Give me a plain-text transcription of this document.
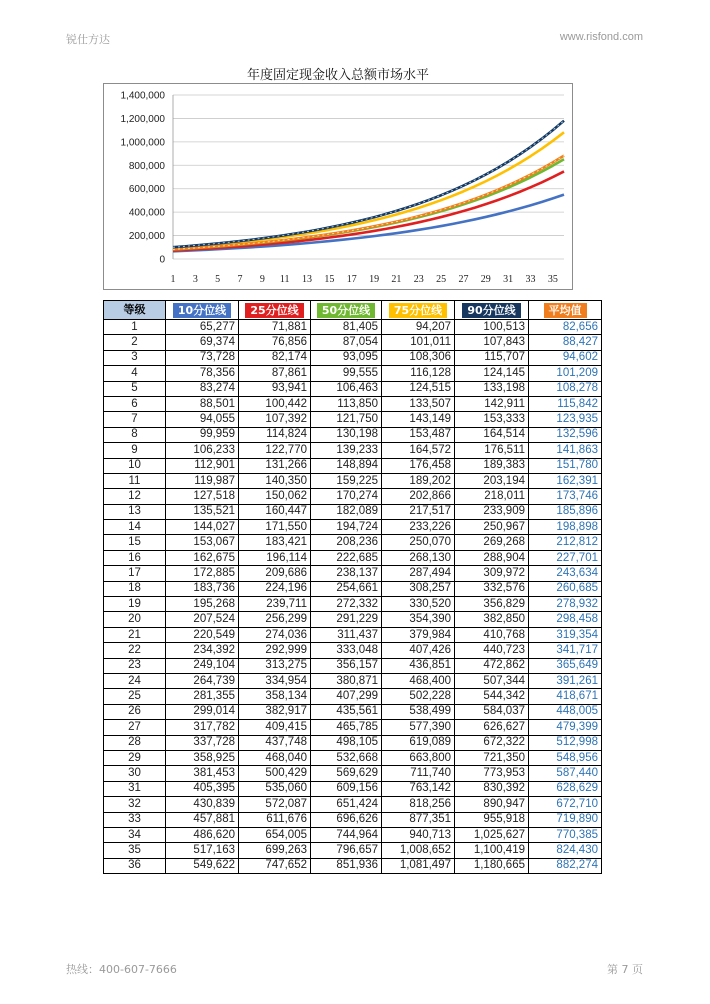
锐仕方达	www.risfond.com
年度固定现金收入总额市场水平
1,400,000
1,200,000
1,000,000
800,000
600,000
400,000
200,000
0
1 3 5 7 9 11 13 15 17 19 21 23 25 27 29 31 33 35
等级	10分位线	25分位线	50分位线	75分位线	90分位线	平均值
1	65,277	71,881	81,405	94,207	100,513	82,656
2	69,374	76,856	87,054	101,011	107,843	88,427
3	73,728	82,174	93,095	108,306	115,707	94,602
4	78,356	87,861	99,555	116,128	124,145	101,209
5	83,274	93,941	106,463	124,515	133,198	108,278
6	88,501	100,442	113,850	133,507	142,911	115,842
7	94,055	107,392	121,750	143,149	153,333	123,935
8	99,959	114,824	130,198	153,487	164,514	132,596
9	106,233	122,770	139,233	164,572	176,511	141,863
10	112,901	131,266	148,894	176,458	189,383	151,780
11	119,987	140,350	159,225	189,202	203,194	162,391
12	127,518	150,062	170,274	202,866	218,011	173,746
13	135,521	160,447	182,089	217,517	233,909	185,896
14	144,027	171,550	194,724	233,226	250,967	198,898
15	153,067	183,421	208,236	250,070	269,268	212,812
16	162,675	196,114	222,685	268,130	288,904	227,701
17	172,885	209,686	238,137	287,494	309,972	243,634
18	183,736	224,196	254,661	308,257	332,576	260,685
19	195,268	239,711	272,332	330,520	356,829	278,932
20	207,524	256,299	291,229	354,390	382,850	298,458
21	220,549	274,036	311,437	379,984	410,768	319,354
22	234,392	292,999	333,048	407,426	440,723	341,717
23	249,104	313,275	356,157	436,851	472,862	365,649
24	264,739	334,954	380,871	468,400	507,344	391,261
25	281,355	358,134	407,299	502,228	544,342	418,671
26	299,014	382,917	435,561	538,499	584,037	448,005
27	317,782	409,415	465,785	577,390	626,627	479,399
28	337,728	437,748	498,105	619,089	672,322	512,998
29	358,925	468,040	532,668	663,800	721,350	548,956
30	381,453	500,429	569,629	711,740	773,953	587,440
31	405,395	535,060	609,156	763,142	830,392	628,629
32	430,839	572,087	651,424	818,256	890,947	672,710
33	457,881	611,676	696,626	877,351	955,918	719,890
34	486,620	654,005	744,964	940,713	1,025,627	770,385
35	517,163	699,263	796,657	1,008,652	1,100,419	824,430
36	549,622	747,652	851,936	1,081,497	1,180,665	882,274
热线：400-607-7666	第 7 页
